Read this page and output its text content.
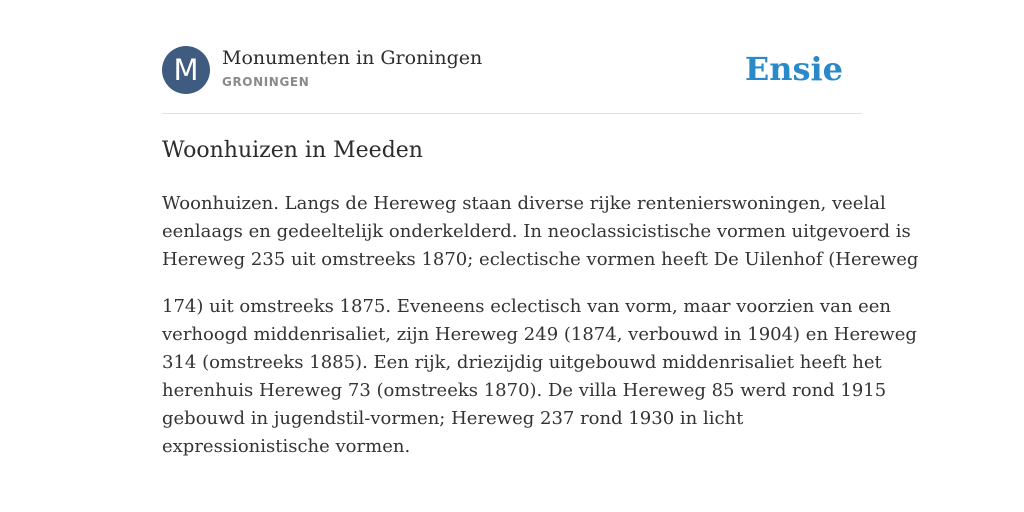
M	Monumenten in Groningen
GRONINGEN	Ensie
Woonhuizen in Meeden
Woonhuizen. Langs de Hereweg staan diverse rijke rentenierswoningen, veelal
eenlaags en gedeeltelijk onderkelderd. In neoclassicistische vormen uitgevoerd is
Hereweg 235 uit omstreeks 1870; eclectische vormen heeft De Uilenhof (Hereweg
174) uit omstreeks 1875. Eveneens eclectisch van vorm, maar voorzien van een
verhoogd middenrisaliet, zijn Hereweg 249 (1874, verbouwd in 1904) en Hereweg
314 (omstreeks 1885). Een rijk, driezijdig uitgebouwd middenrisaliet heeft het
herenhuis Hereweg 73 (omstreeks 1870). De villa Hereweg 85 werd rond 1915
gebouwd in jugendstil-vormen; Hereweg 237 rond 1930 in licht
expressionistische vormen.
